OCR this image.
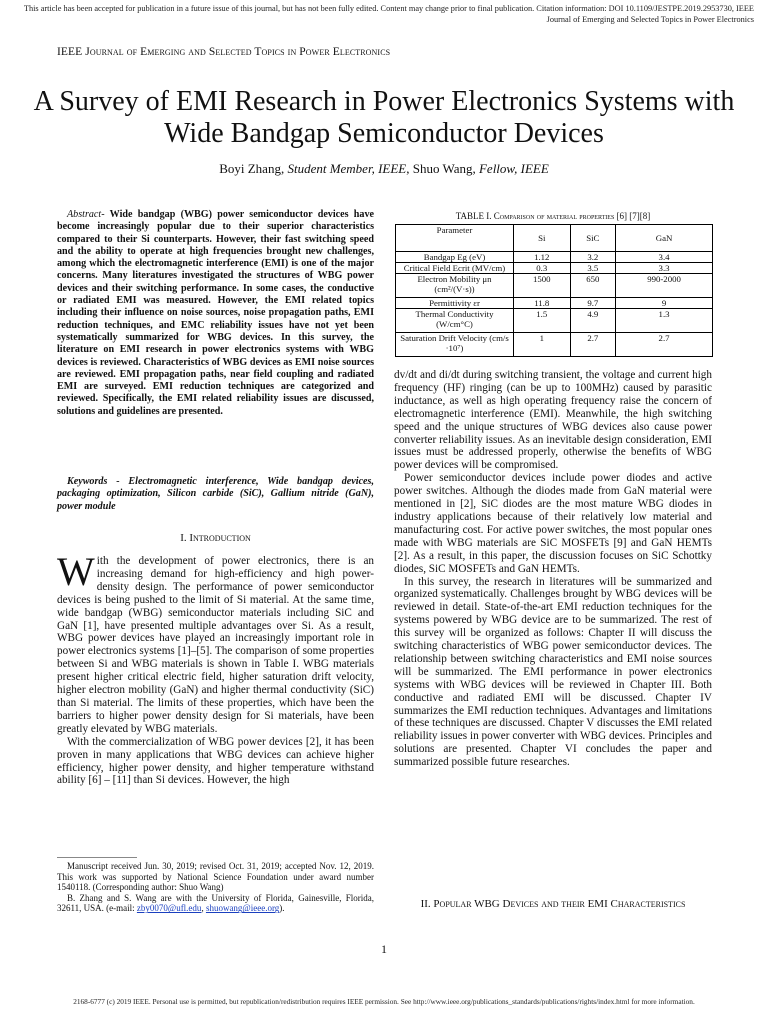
This article has been accepted for publication in a future issue of this journal, but has not been fully edited. Content may change prior to final publication. Citation information: DOI 10.1109/JESTPE.2019.2953730, IEEE Journal of Emerging and Selected Topics in Power Electronics
IEEE Journal of Emerging and Selected Topics in Power Electronics
A Survey of EMI Research in Power Electronics Systems with Wide Bandgap Semiconductor Devices
Boyi Zhang, Student Member, IEEE, Shuo Wang, Fellow, IEEE
Abstract- Wide bandgap (WBG) power semiconductor devices have become increasingly popular due to their superior characteristics compared to their Si counterparts. However, their fast switching speed and the ability to operate at high frequencies brought new challenges, among which the electromagnetic interference (EMI) is one of the major concerns. Many literatures investigated the structures of WBG power devices and their switching performance. In some cases, the conductive or radiated EMI was measured. However, the EMI related topics including their influence on noise sources, noise propagation paths, EMI reduction techniques, and EMC reliability issues have not yet been systematically summarized for WBG devices. In this survey, the literature on EMI research in power electronics systems with WBG devices is reviewed. Characteristics of WBG devices as EMI noise sources are reviewed. EMI propagation paths, near field coupling and radiated EMI are surveyed. EMI reduction techniques are categorized and reviewed. Specifically, the EMI related reliability issues are discussed, solutions and guidelines are presented.
Keywords - Electromagnetic interference, Wide bandgap devices, packaging optimization, Silicon carbide (SiC), Gallium nitride (GaN), power module
I. Introduction

With the development of power electronics, there is an increasing demand for high-efficiency and high power-density design. The performance of power semiconductor devices is being pushed to the limit of Si material. At the same time, wide bandgap (WBG) semiconductor materials including SiC and GaN [1], have presented multiple advantages over Si. As a result, WBG power devices have played an increasingly important role in power electronics systems [1]–[5]. The comparison of some properties between Si and WBG materials is shown in Table I. WBG materials present higher critical electric field, higher saturation drift velocity, higher electron mobility (GaN) and higher thermal conductivity (SiC) than Si material. The limits of these properties, which have been the barriers to higher power density design for Si materials, have been greatly elevated by WBG materials.

With the commercialization of WBG power devices [2], it has been proven in many applications that WBG devices can achieve higher efficiency, higher power density, and higher temperature withstand ability [6] – [11] than Si devices. However, the high

Manuscript received Jun. 30, 2019; revised Oct. 31, 2019; accepted Nov. 12, 2019. This work was supported by National Science Foundation under award number 1540118. (Corresponding author: Shuo Wang)

B. Zhang and S. Wang are with the University of Florida, Gainesville, Florida, 32611, USA. (e-mail: zby0070@ufl.edu, shuowang@ieee.org).

TABLE I. Comparison of material properties [6] [7][8]
Parameter	Si	SiC	GaN
Bandgap Eg (eV)	1.12	3.2	3.4
Critical Field Ecrit (MV/cm)	0.3	3.5	3.3
Electron Mobility μn (cm²/(V·s))	1500	650	990-2000
Permittivity εr	11.8	9.7	9
Thermal Conductivity (W/cm°C)	1.5	4.9	1.3
Saturation Drift Velocity (cm/s ·10⁷)	1	2.7	2.7

dv/dt and di/dt during switching transient, the voltage and current high frequency (HF) ringing (can be up to 100MHz) caused by parasitic inductance, as well as high operating frequency raise the concern of electromagnetic interference (EMI). Meanwhile, the high switching speed and the unique structures of WBG devices also cause power converter reliability issues. As an inevitable design consideration, EMI issues must be addressed properly, otherwise the benefits of WBG power devices will be compromised.

Power semiconductor devices include power diodes and active power switches. Although the diodes made from GaN material were mentioned in [2], SiC diodes are the most mature WBG diodes in industry applications because of their relatively low material and manufacturing cost. For active power switches, the most popular ones made with WBG materials are SiC MOSFETs [9] and GaN HEMTs [2]. As a result, in this paper, the discussion focuses on SiC Schottky diodes, SiC MOSFETs and GaN HEMTs.

In this survey, the research in literatures will be summarized and organized systematically. Challenges brought by WBG devices will be reviewed in detail. State-of-the-art EMI reduction techniques for the systems powered by WBG device are to be summarized. The rest of this survey will be organized as follows: Chapter II will discuss the switching characteristics of WBG power semiconductor devices. The relationship between switching characteristics and EMI noise sources will be summarized. The EMI performance in power electronics systems with WBG devices will be reviewed in Chapter III. Both conductive and radiated EMI will be discussed. Chapter IV summarizes the EMI reduction techniques. Advantages and limitations of these techniques are discussed. Chapter V discusses the EMI related reliability issues in power converter with WBG devices. Principles and solutions are presented. Chapter VI concludes the paper and summarized possible future researches.

II. Popular WBG Devices and their EMI Characteristics
1
2168-6777 (c) 2019 IEEE. Personal use is permitted, but republication/redistribution requires IEEE permission. See http://www.ieee.org/publications_standards/publications/rights/index.html for more information.
